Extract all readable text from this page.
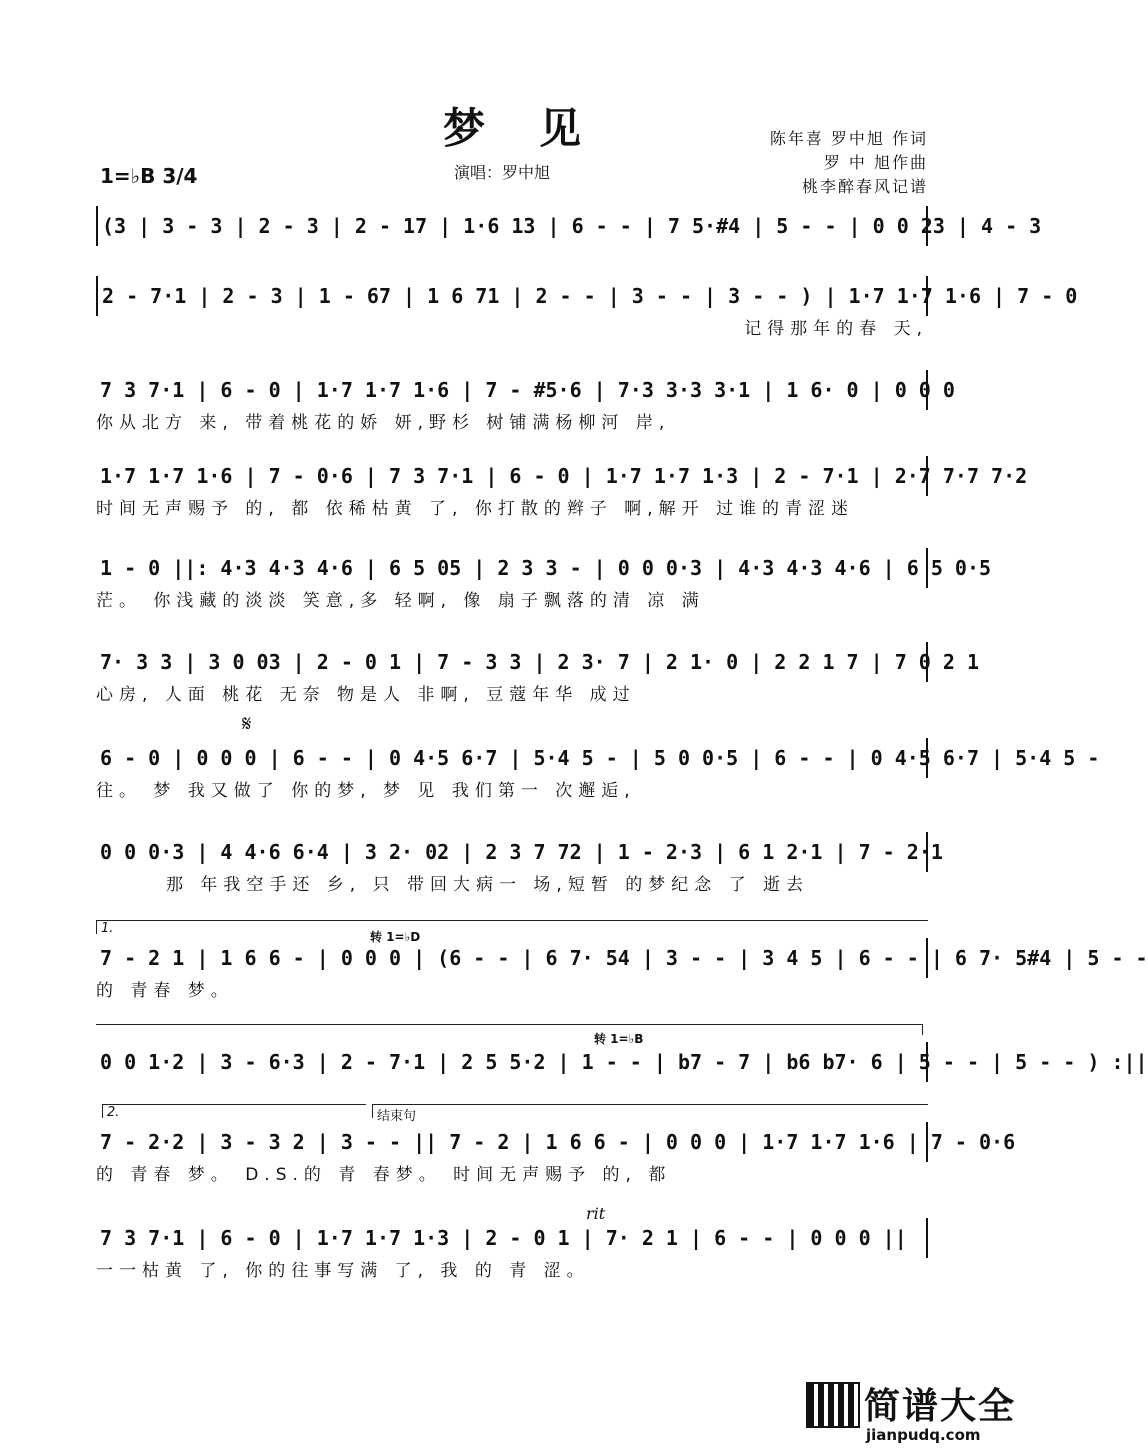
梦见	陈年喜 罗中旭 作词
罗 中 旭作曲
桃李醉春风记谱
1=♭B 3/4	演唱：罗中旭
(3 | 3 - 3 | 2 - 3 | 2 - 17 | 1·6 13 | 6 - - | 7 5·#4 | 5 - - | 0 0 23 | 4 - 3
2 - 7·1 | 2 - 3 | 1 - 67 | 1 6 71 | 2 - - | 3 - - | 3 - - ) | 1·7 1·7 1·6 | 7 - 0
记得那年的春 天,
7 3 7·1 | 6 - 0 | 1·7 1·7 1·6 | 7 - #5·6 | 7·3 3·3 3·1 | 1 6· 0 | 0 0 0
你从北方 来, 带着桃花的娇 妍,野杉 树铺满杨柳河 岸,
1·7 1·7 1·6 | 7 - 0·6 | 7 3 7·1 | 6 - 0 | 1·7 1·7 1·3 | 2 - 7·1 | 2·7 7·7 7·2
时间无声赐予 的, 都 依稀枯黄 了, 你打散的辫子 啊,解开 过谁的青涩迷
1 - 0 ||: 4·3 4·3 4·6 | 6 5 05 | 2 3 3 - | 0 0 0·3 | 4·3 4·3 4·6 | 6 5 0·5
茫。 你浅藏的淡淡 笑意,多 轻啊, 像 扇子飘落的清 凉 满
7· 3 3 | 3 0 03 | 2 - 0 1 | 7 - 3 3 | 2 3· 7 | 2 1· 0 | 2 2 1 7 | 7 0 2 1
心房, 人面 桃花 无奈 物是人 非啊, 豆蔻年华 成过
𝄋
6 - 0 | 0 0 0 | 6 - - | 0 4·5 6·7 | 5·4 5 - | 5 0 0·5 | 6 - - | 0 4·5 6·7 | 5·4 5 -
往。 梦 我又做了 你的梦, 梦 见 我们第一 次邂逅,
0 0 0·3 | 4 4·6 6·4 | 3 2· 02 | 2 3 7 72 | 1 - 2·3 | 6 1 2·1 | 7 - 2·1
那 年我空手还 乡, 只 带回大病一 场,短暂 的梦纪念 了 逝去
1.
转 1=♭D
7 - 2 1 | 1 6 6 - | 0 0 0 | (6 - - | 6 7· 54 | 3 - - | 3 4 5 | 6 - - | 6 7· 5#4 | 5 - -
的 青春 梦。
转 1=♭B
0 0 1·2 | 3 - 6·3 | 2 - 7·1 | 2 5 5·2 | 1 - - | b7 - 7 | b6 b7· 6 | 5 - - | 5 - - ) :||
2.	结束句
7 - 2·2 | 3 - 3 2 | 3 - - || 7 - 2 | 1 6 6 - | 0 0 0 | 1·7 1·7 1·6 | 7 - 0·6
的 青春 梦。 D.S.的 青 春梦。 时间无声赐予 的, 都
rit
7 3 7·1 | 6 - 0 | 1·7 1·7 1·3 | 2 - 0 1 | 7· 2 1 | 6 - - | 0 0 0 ||
一一枯黄 了, 你的往事写满 了, 我 的 青 涩。
简谱大全
jianpudq.com
